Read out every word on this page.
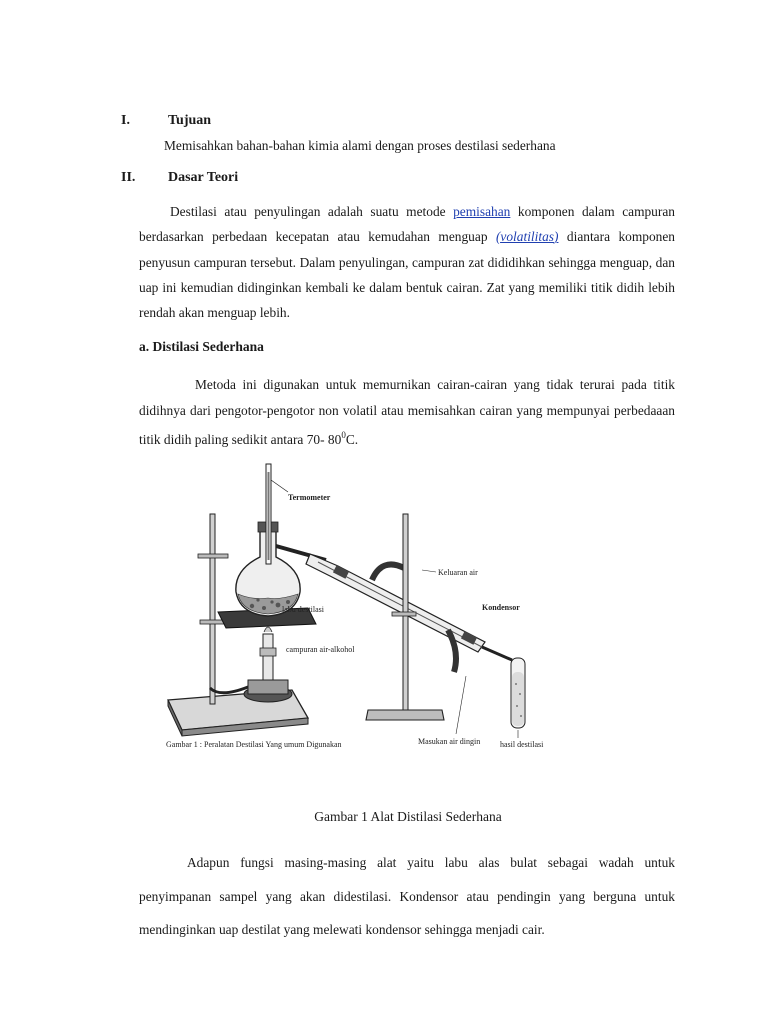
I.	Tujuan
Memisahkan bahan-bahan kimia alami dengan proses destilasi sederhana
II. Dasar Teori
Destilasi atau penyulingan adalah suatu metode pemisahan komponen dalam campuran berdasarkan perbedaan kecepatan atau kemudahan menguap (volatilitas) diantara komponen penyusun campuran tersebut. Dalam penyulingan, campuran zat dididihkan sehingga menguap, dan uap ini kemudian didinginkan kembali ke dalam bentuk cairan. Zat yang memiliki titik didih lebih rendah akan menguap lebih.
a. Distilasi Sederhana
Metoda ini digunakan untuk memurnikan cairan-cairan yang tidak terurai pada titik didihnya dari pengotor-pengotor non volatil atau memisahkan cairan yang mempunyai perbedaaan titik didih paling sedikit antara 70- $80^0C$.
Termometer
Keluaran air
Kondensor
labu destilasi
campuran air-alkohol
Masukan air dingin hasil destilasi
Gambar 1 : Peralatan Destilasi Yang umum Digunakan
Gambar 1 Alat Distilasi Sederhana
Adapun fungsi masing-masing alat yaitu labu alas bulat sebagai wadah untuk penyimpanan sampel yang akan didestilasi. Kondensor atau pendingin yang berguna untuk mendinginkan uap destilat yang melewati kondensor sehingga menjadi cair.
